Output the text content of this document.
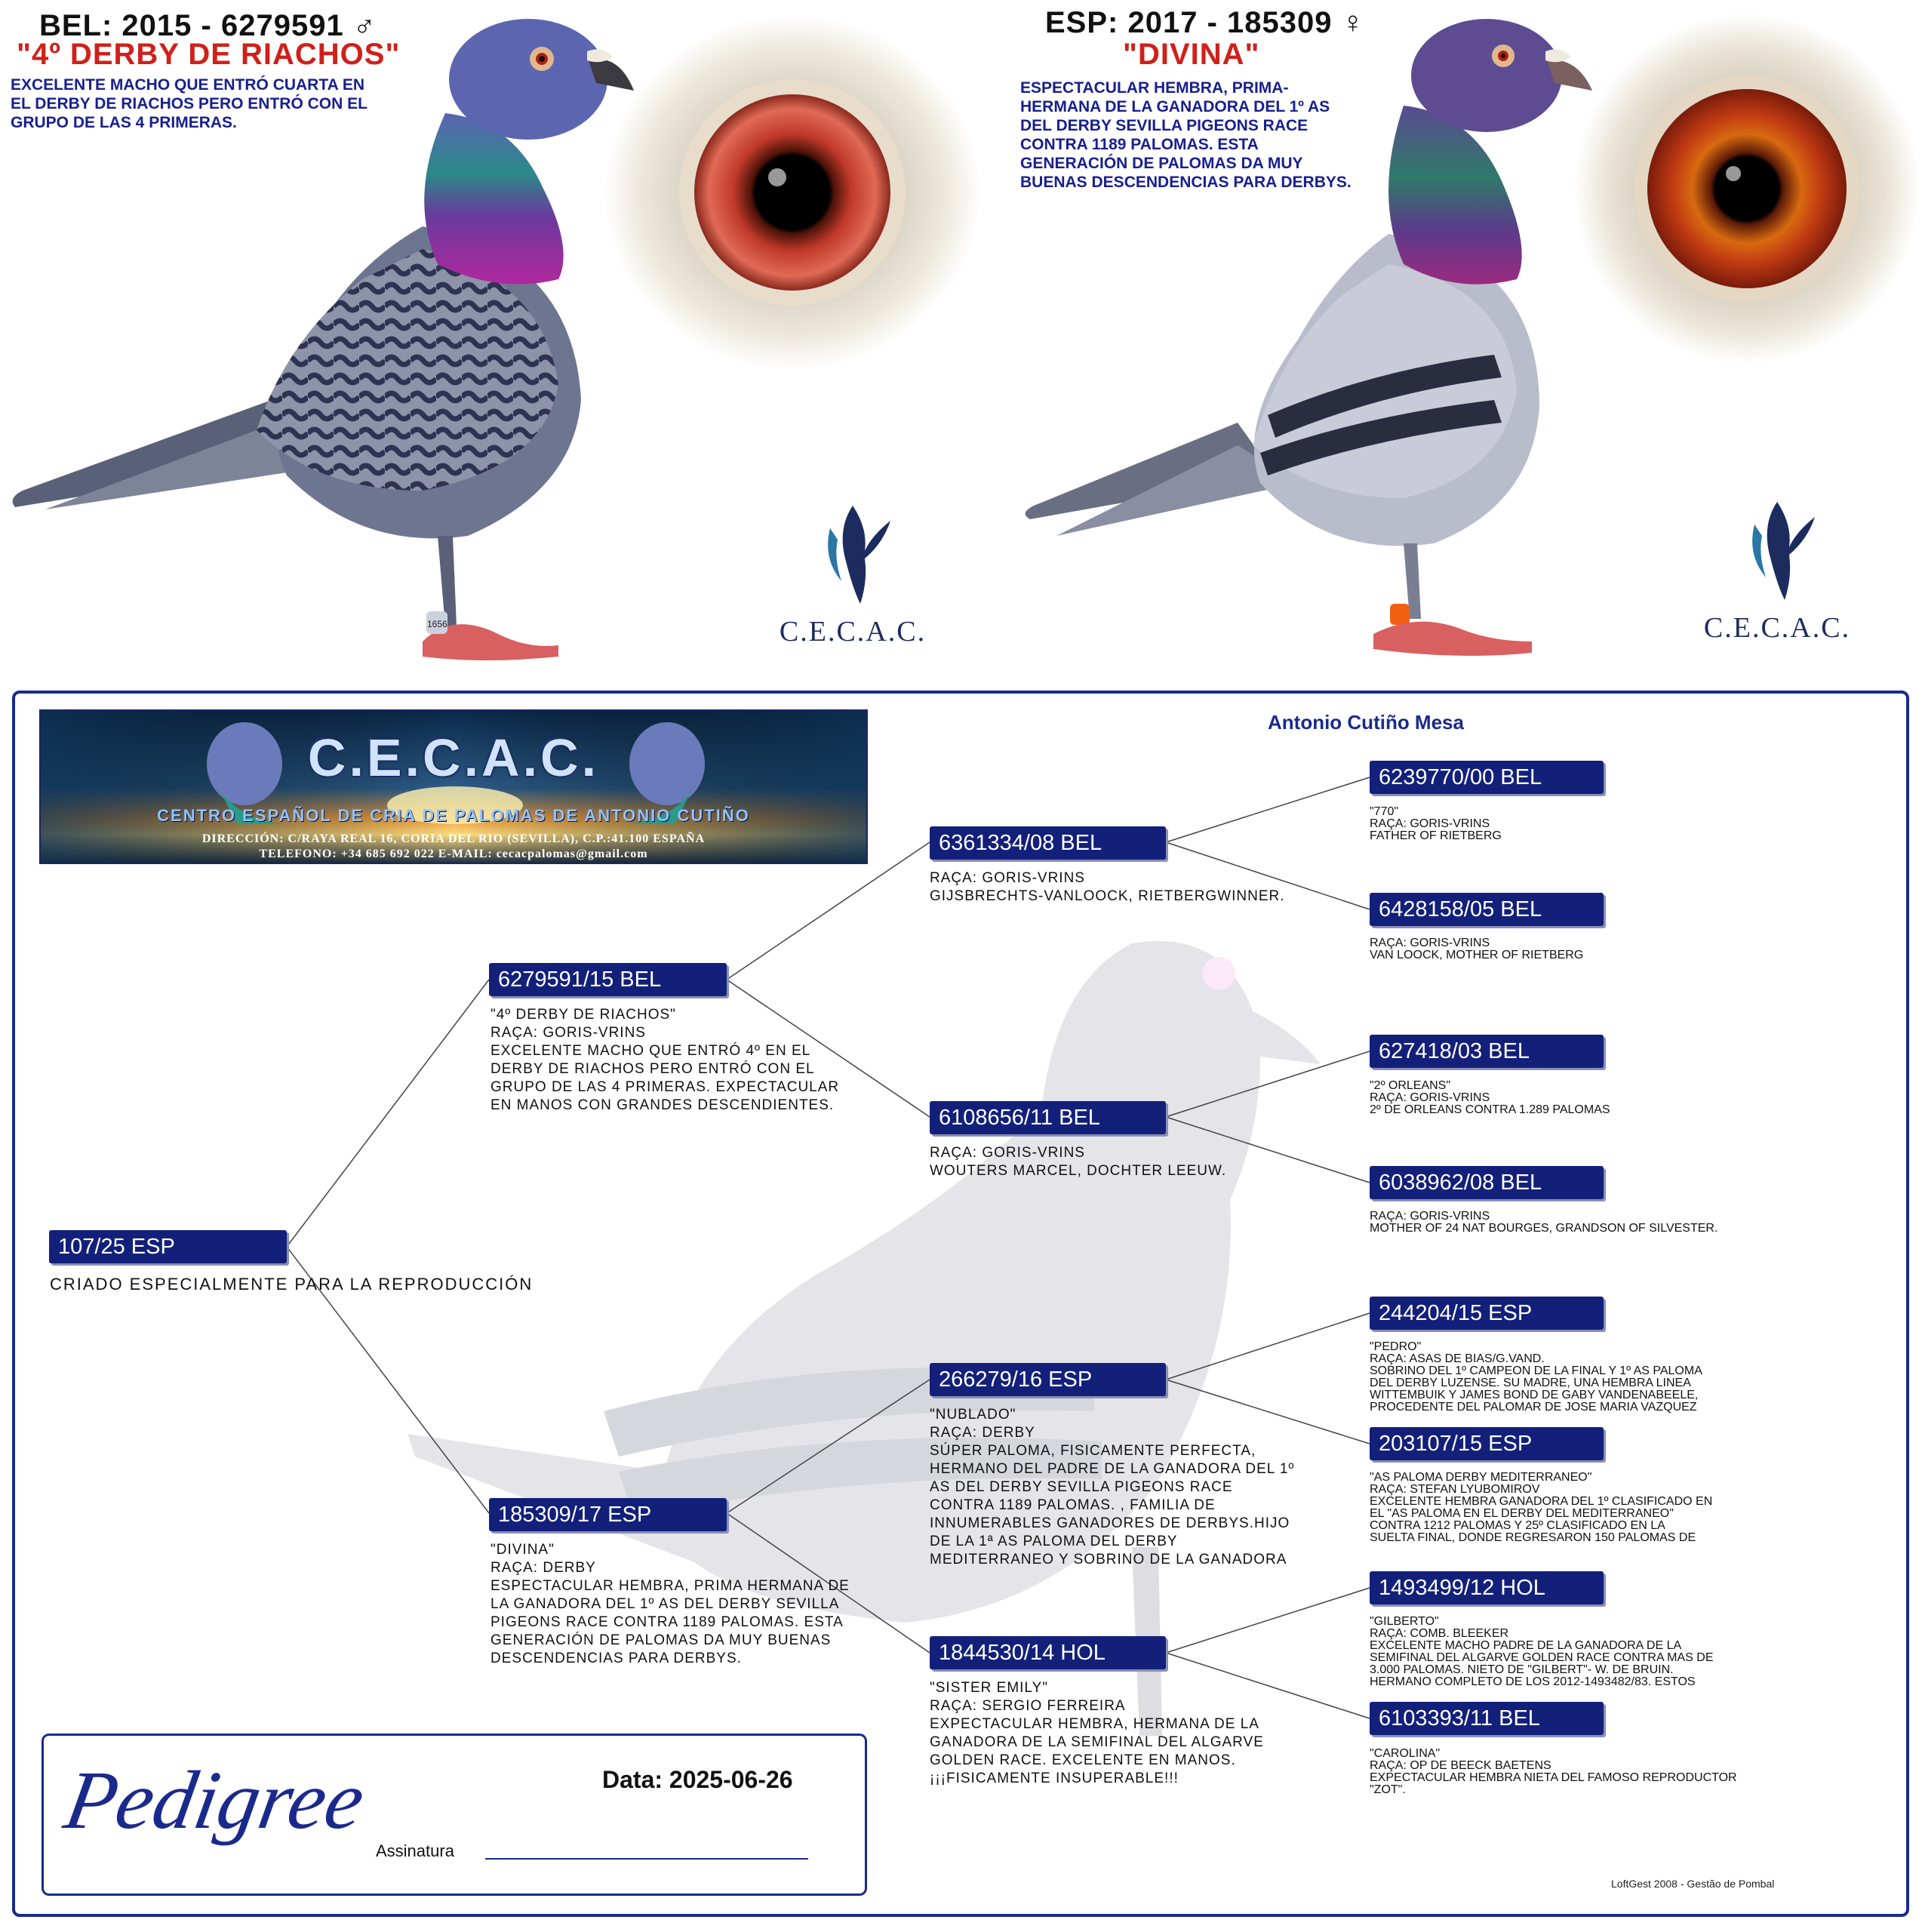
BEL: 2015 - 6279591 ♂
"4º DERBY DE RIACHOS"
EXCELENTE MACHO QUE ENTRÓ CUARTA EN
EL DERBY DE RIACHOS PERO ENTRÓ CON EL
GRUPO DE LAS 4 PRIMERAS.
1656	C.E.C.A.C.
ESP: 2017 - 185309 ♀
"DIVINA"
ESPECTACULAR HEMBRA, PRIMA-
HERMANA DE LA GANADORA DEL 1º AS
DEL DERBY SEVILLA PIGEONS RACE
CONTRA 1189 PALOMAS. ESTA
GENERACIÓN DE PALOMAS DA MUY
BUENAS DESCENDENCIAS PARA DERBYS.
C.E.C.A.C.
C.E.C.A.C.
CENTRO ESPAÑOL DE CRIA DE PALOMAS DE ANTONIO CUTIÑO
DIRECCIÓN: C/RAYA REAL 16, CORIA DEL RIO (SEVILLA), C.P.:41.100 ESPAÑA
TELEFONO: +34 685 692 022 E-MAIL: cecacpalomas@gmail.com
Antonio Cutiño Mesa
107/25 ESP
CRIADO ESPECIALMENTE PARA LA REPRODUCCIÓN
6279591/15 BEL
"4º DERBY DE RIACHOS"
RAÇA: GORIS-VRINS
EXCELENTE MACHO QUE ENTRÓ 4º EN EL
DERBY DE RIACHOS PERO ENTRÓ CON EL
GRUPO DE LAS 4 PRIMERAS. EXPECTACULAR
EN MANOS CON GRANDES DESCENDIENTES.
185309/17 ESP
"DIVINA"
RAÇA: DERBY
ESPECTACULAR HEMBRA, PRIMA HERMANA DE
LA GANADORA DEL 1º AS DEL DERBY SEVILLA
PIGEONS RACE CONTRA 1189 PALOMAS. ESTA
GENERACIÓN DE PALOMAS DA MUY BUENAS
DESCENDENCIAS PARA DERBYS.
6361334/08 BEL
RAÇA: GORIS-VRINS
GIJSBRECHTS-VANLOOCK, RIETBERGWINNER.
6108656/11 BEL
RAÇA: GORIS-VRINS
WOUTERS MARCEL, DOCHTER LEEUW.
266279/16 ESP
"NUBLADO"
RAÇA: DERBY
SÚPER PALOMA, FISICAMENTE PERFECTA,
HERMANO DEL PADRE DE LA GANADORA DEL 1º
AS DEL DERBY SEVILLA PIGEONS RACE
CONTRA 1189 PALOMAS. , FAMILIA DE
INNUMERABLES GANADORES DE DERBYS.HIJO
DE LA 1ª AS PALOMA DEL DERBY
MEDITERRANEO Y SOBRINO DE LA GANADORA
1844530/14 HOL
"SISTER EMILY"
RAÇA: SERGIO FERREIRA
EXPECTACULAR HEMBRA, HERMANA DE LA
GANADORA DE LA SEMIFINAL DEL ALGARVE
GOLDEN RACE. EXCELENTE EN MANOS.
¡¡¡FISICAMENTE INSUPERABLE!!!
6239770/00 BEL
"770"
RAÇA: GORIS-VRINS
FATHER OF RIETBERG
6428158/05 BEL
RAÇA: GORIS-VRINS
VAN LOOCK, MOTHER OF RIETBERG
627418/03 BEL
"2º ORLEANS"
RAÇA: GORIS-VRINS
2º DE ORLEANS CONTRA 1.289 PALOMAS
6038962/08 BEL
RAÇA: GORIS-VRINS
MOTHER OF 24 NAT BOURGES, GRANDSON OF SILVESTER.
244204/15 ESP
"PEDRO"
RAÇA: ASAS DE BIAS/G.VAND.
SOBRINO DEL 1º CAMPEON DE LA FINAL Y 1º AS PALOMA
DEL DERBY LUZENSE. SU MADRE, UNA HEMBRA LINEA
WITTEMBUIK Y JAMES BOND DE GABY VANDENABEELE,
PROCEDENTE DEL PALOMAR DE JOSE MARIA VAZQUEZ
203107/15 ESP
"AS PALOMA DERBY MEDITERRANEO"
RAÇA: STEFAN LYUBOMIROV
EXCELENTE HEMBRA GANADORA DEL 1º CLASIFICADO EN
EL "AS PALOMA EN EL DERBY DEL MEDITERRANEO"
CONTRA 1212 PALOMAS Y 25º CLASIFICADO EN LA
SUELTA FINAL, DONDE REGRESARON 150 PALOMAS DE
1493499/12 HOL
"GILBERTO"
RAÇA: COMB. BLEEKER
EXCELENTE MACHO PADRE DE LA GANADORA DE LA
SEMIFINAL DEL ALGARVE GOLDEN RACE CONTRA MAS DE
3.000 PALOMAS. NIETO DE "GILBERT"- W. DE BRUIN.
HERMANO COMPLETO DE LOS 2012-1493482/83. ESTOS
6103393/11 BEL
"CAROLINA"
RAÇA: OP DE BEECK BAETENS
EXPECTACULAR HEMBRA NIETA DEL FAMOSO REPRODUCTOR
"ZOT".
Pedigree	Data: 2025-06-26
Assinatura
LoftGest 2008 - Gestão de Pombal
